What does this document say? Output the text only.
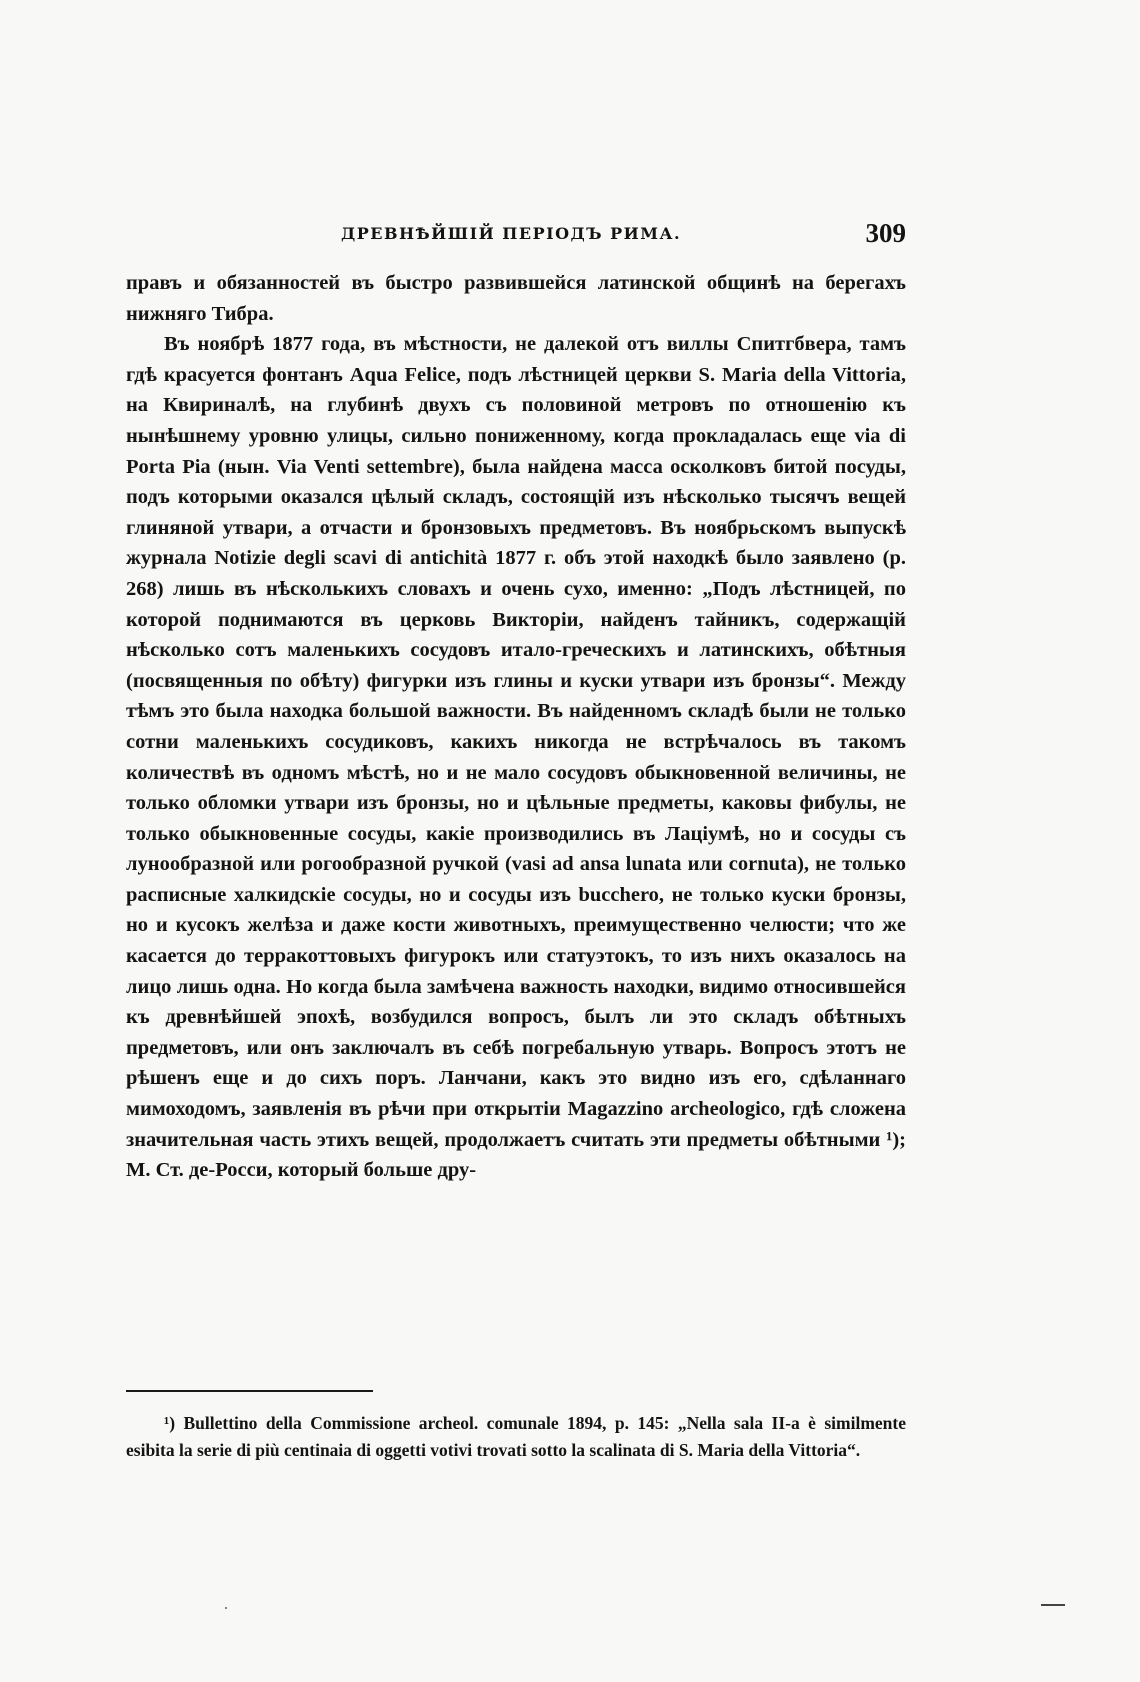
ДРЕВНѢЙШІЙ ПЕРІОДЪ РИМА.	309

правъ и обязанностей въ быстро развившейся латинской общинѣ на берегахъ нижняго Тибра.

Въ ноябрѣ 1877 года, въ мѣстности, не далекой отъ виллы Спитгбвера, тамъ гдѣ красуется фонтанъ Aqua Felice, подъ лѣстницей церкви S. Maria della Vittoria, на Квириналѣ, на глубинѣ двухъ съ половиной метровъ по отношенію къ нынѣшнему уровню улицы, сильно пониженному, когда прокладалась еще via di Porta Pia (нын. Via Venti settembre), была найдена масса осколковъ битой посуды, подъ которыми оказался цѣлый складъ, состоящій изъ нѣсколько тысячъ вещей глиняной утвари, а отчасти и бронзовыхъ предметовъ. Въ ноябрьскомъ выпускѣ журнала Notizie degli scavi di antichità 1877 г. объ этой находкѣ было заявлено (p. 268) лишь въ нѣсколькихъ словахъ и очень сухо, именно: „Подъ лѣстницей, по которой поднимаются въ церковь Викторіи, найденъ тайникъ, содержащій нѣсколько сотъ маленькихъ сосудовъ итало-греческихъ и латинскихъ, обѣтныя (посвященныя по обѣту) фигурки изъ глины и куски утвари изъ бронзы“. Между тѣмъ это была находка большой важности. Въ найденномъ складѣ были не только сотни маленькихъ сосудиковъ, какихъ никогда не встрѣчалось въ такомъ количествѣ въ одномъ мѣстѣ, но и не мало сосудовъ обыкновенной величины, не только обломки утвари изъ бронзы, но и цѣльные предметы, каковы фибулы, не только обыкновенные сосуды, какіе производились въ Лаціумѣ, но и сосуды съ лунообразной или рогообразной ручкой (vasi ad ansa lunata или cornuta), не только расписные халкидскіе сосуды, но и сосуды изъ bucchero, не только куски бронзы, но и кусокъ желѣза и даже кости животныхъ, преимущественно челюсти; что же касается до терракоттовыхъ фигурокъ или статуэтокъ, то изъ нихъ оказалось на лицо лишь одна. Но когда была замѣчена важность находки, видимо относившейся къ древнѣйшей эпохѣ, возбудился вопросъ, былъ ли это складъ обѣтныхъ предметовъ, или онъ заключалъ въ себѣ погребальную утварь. Вопросъ этотъ не рѣшенъ еще и до сихъ поръ. Ланчани, какъ это видно изъ его, сдѣланнаго мимоходомъ, заявленія въ рѣчи при открытіи Magazzino archeologico, гдѣ сложена значительная часть этихъ вещей, продолжаетъ считать эти предметы обѣтными ¹); М. Ст. де-Росси, который больше дру-

¹) Bullettino della Commissione archeol. comunale 1894, p. 145: „Nella sala II-a è similmente esibita la serie di più centinaia di oggetti votivi trovati sotto la scalinata di S. Maria della Vittoria“.
